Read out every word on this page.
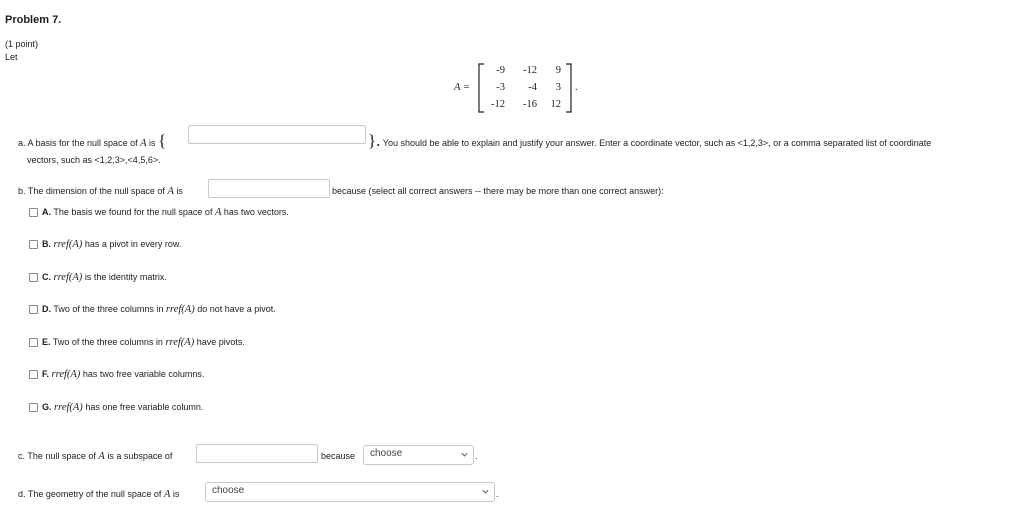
Problem 7.
(1 point)
Let
A =
-9	-12	9
-3	-4	3
-12	-16	12
.
a. A basis for the null space of A is {	}. You should be able to explain and justify your answer. Enter a coordinate vector, such as <1,2,3>, or a comma separated list of coordinate
vectors, such as <1,2,3>,<4,5,6>.
b. The dimension of the null space of A is	because (select all correct answers -- there may be more than one correct answer):
A. The basis we found for the null space of A has two vectors.
B. rref(A) has a pivot in every row.
C. rref(A) is the identity matrix.
D. Two of the three columns in rref(A) do not have a pivot.
E. Two of the three columns in rref(A) have pivots.
F. rref(A) has two free variable columns.
G. rref(A) has one free variable column.
c. The null space of A is a subspace of	because	choose	.
d. The geometry of the null space of A is	choose	.
